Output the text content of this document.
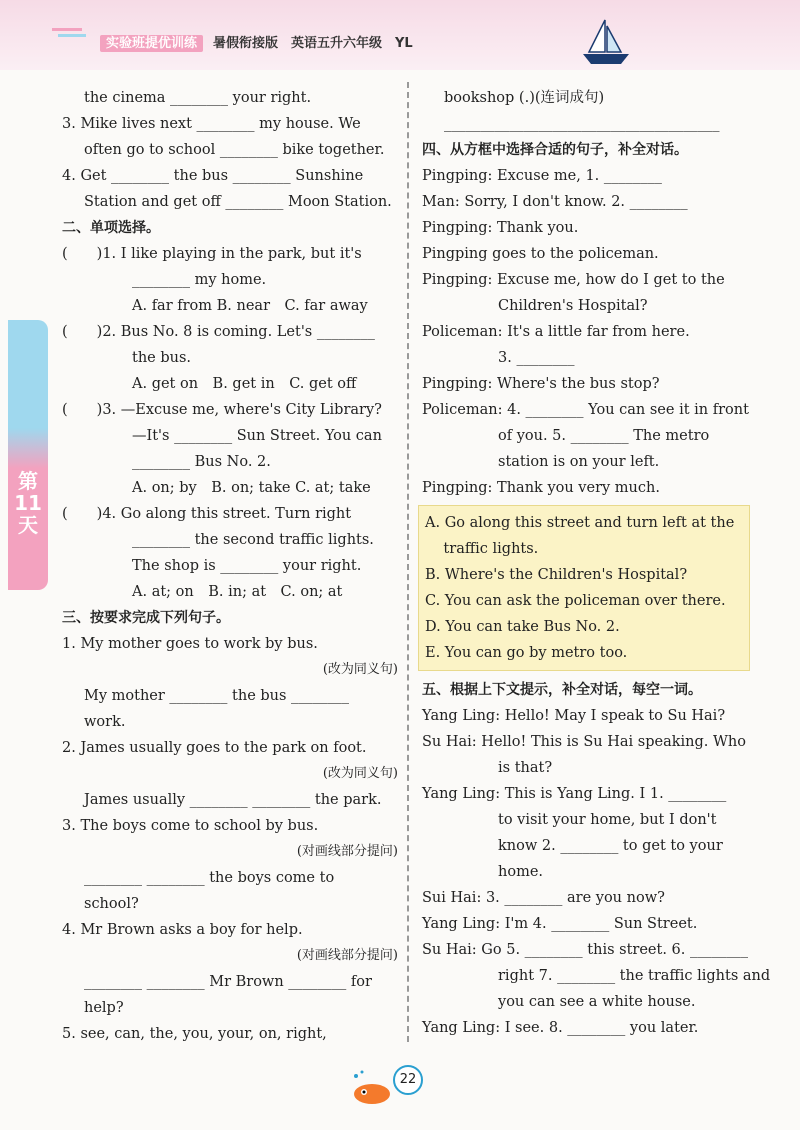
实验班提优训练 暑假衔接版　英语五升六年级　YL
第11天
the cinema ________ your right.
3. Mike lives next ________ my house. We
often go to school ________ bike together.
4. Get ________ the bus ________ Sunshine
Station and get off ________ Moon Station.
二、单项选择。
(　　)1. I like playing in the park, but it's
________ my home.
A. far from B. near　C. far away
(　　)2. Bus No. 8 is coming. Let's ________
the bus.
A. get on　B. get in　C. get off
(　　)3. —Excuse me, where's City Library?
—It's ________ Sun Street. You can
________ Bus No. 2.
A. on; by　B. on; take C. at; take
(　　)4. Go along this street. Turn right
________ the second traffic lights.
The shop is ________ your right.
A. at; on　B. in; at　C. on; at
三、按要求完成下列句子。
1. My mother goes to work by bus.
(改为同义句)
My mother ________ the bus ________
work.
2. James usually goes to the park on foot.
(改为同义句)
James usually ________ ________ the park.
3. The boys come to school by bus.
(对画线部分提问)
________ ________ the boys come to
school?
4. Mr Brown asks a boy for help.
(对画线部分提问)
________ ________ Mr Brown ________ for
help?
5. see, can, the, you, your, on, right,
bookshop (.)(连词成句)
______________________________________
四、从方框中选择合适的句子，补全对话。
Pingping: Excuse me, 1. ________
Man: Sorry, I don't know. 2. ________
Pingping: Thank you.
Pingping goes to the policeman.
Pingping: Excuse me, how do I get to the
Children's Hospital?
Policeman: It's a little far from here.
3. ________
Pingping: Where's the bus stop?
Policeman: 4. ________ You can see it in front
of you. 5. ________ The metro
station is on your left.
Pingping: Thank you very much.
A. Go along this street and turn left at the
traffic lights.
B. Where's the Children's Hospital?
C. You can ask the policeman over there.
D. You can take Bus No. 2.
E. You can go by metro too.
五、根据上下文提示，补全对话，每空一词。
Yang Ling: Hello! May I speak to Su Hai?
Su Hai: Hello! This is Su Hai speaking. Who
is that?
Yang Ling: This is Yang Ling. I 1. ________
to visit your home, but I don't
know 2. ________ to get to your
home.
Sui Hai: 3. ________ are you now?
Yang Ling: I'm 4. ________ Sun Street.
Su Hai: Go 5. ________ this street. 6. ________
right 7. ________ the traffic lights and
you can see a white house.
Yang Ling: I see. 8. ________ you later.
22
